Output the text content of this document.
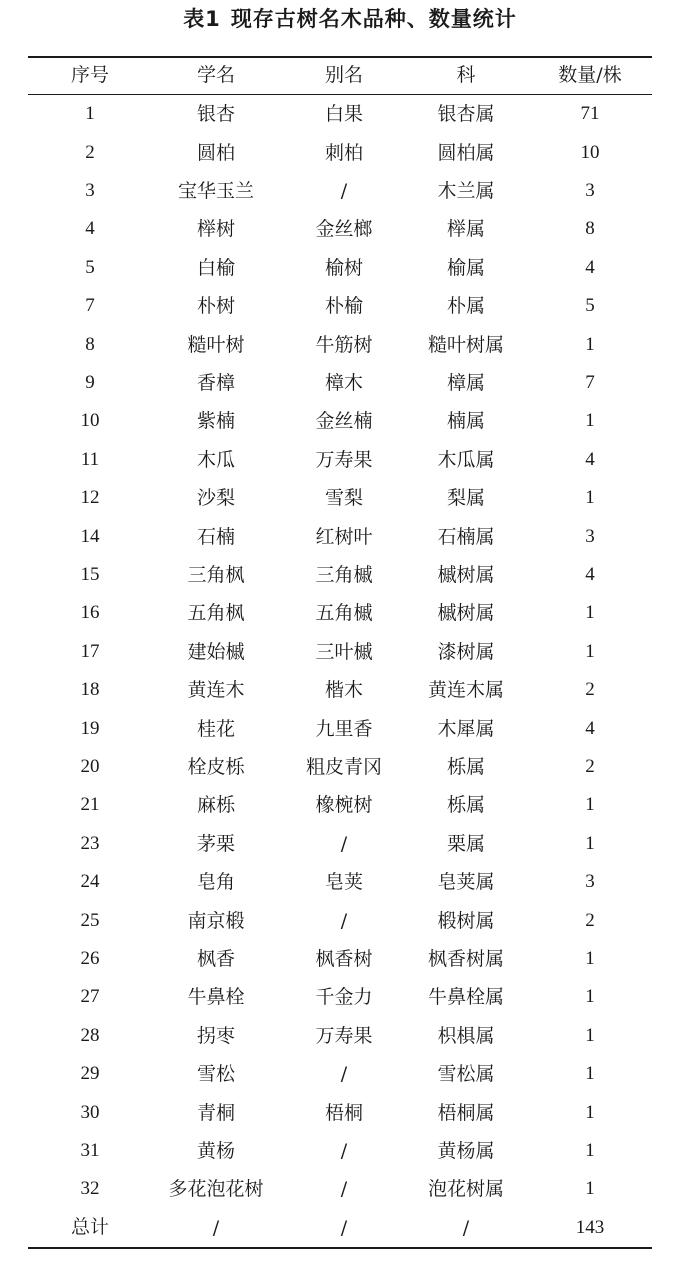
表1 现存古树名木品种、数量统计
序号	学名	别名	科	数量/株
1	银杏	白果	银杏属	71
2	圆柏	刺柏	圆柏属	10
3	宝华玉兰	/	木兰属	3
4	榉树	金丝榔	榉属	8
5	白榆	榆树	榆属	4
7	朴树	朴榆	朴属	5
8	糙叶树	牛筋树	糙叶树属	1
9	香樟	樟木	樟属	7
10	紫楠	金丝楠	楠属	1
11	木瓜	万寿果	木瓜属	4
12	沙梨	雪梨	梨属	1
14	石楠	红树叶	石楠属	3
15	三角枫	三角槭	槭树属	4
16	五角枫	五角槭	槭树属	1
17	建始槭	三叶槭	漆树属	1
18	黄连木	楷木	黄连木属	2
19	桂花	九里香	木犀属	4
20	栓皮栎	粗皮青冈	栎属	2
21	麻栎	橡椀树	栎属	1
23	茅栗	/	栗属	1
24	皂角	皂荚	皂荚属	3
25	南京椴	/	椴树属	2
26	枫香	枫香树	枫香树属	1
27	牛鼻栓	千金力	牛鼻栓属	1
28	拐枣	万寿果	枳椇属	1
29	雪松	/	雪松属	1
30	青桐	梧桐	梧桐属	1
31	黄杨	/	黄杨属	1
32	多花泡花树	/	泡花树属	1
总计	/	/	/	143
